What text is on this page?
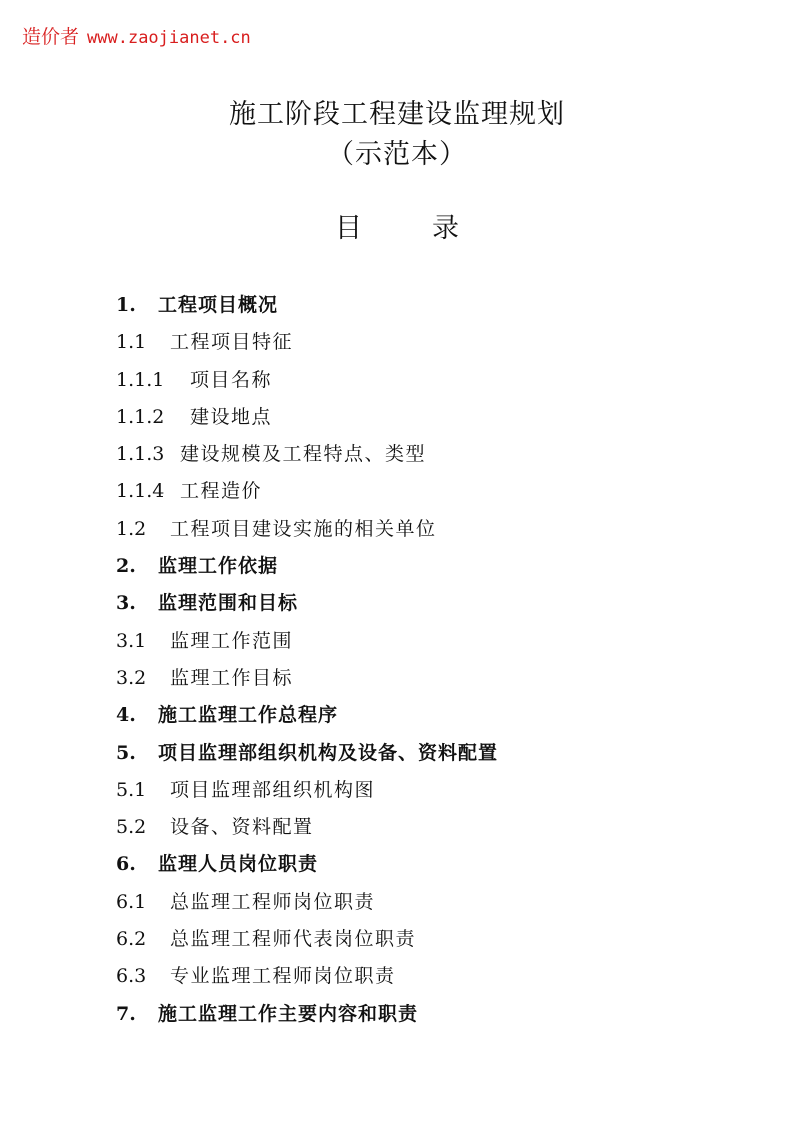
造价者 www.zaojianet.cn
施工阶段工程建设监理规划
（示范本）
目	录
1. 工程项目概况
1.1 工程项目特征
1.1.1 项目名称
1.1.2 建设地点
1.1.3 建设规模及工程特点、类型
1.1.4 工程造价
1.2 工程项目建设实施的相关单位
2. 监理工作依据
3. 监理范围和目标
3.1 监理工作范围
3.2 监理工作目标
4. 施工监理工作总程序
5. 项目监理部组织机构及设备、资料配置
5.1 项目监理部组织机构图
5.2 设备、资料配置
6. 监理人员岗位职责
6.1 总监理工程师岗位职责
6.2 总监理工程师代表岗位职责
6.3 专业监理工程师岗位职责
7. 施工监理工作主要内容和职责
